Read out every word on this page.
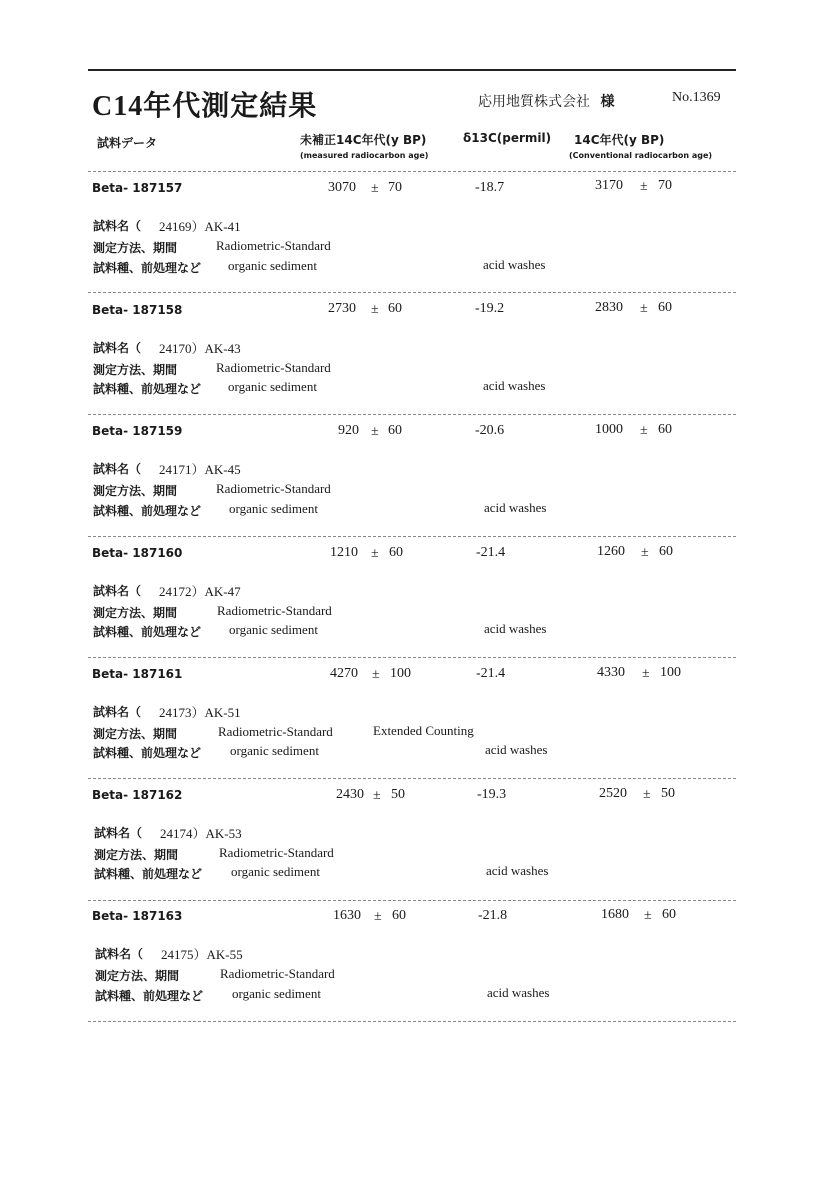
C14年代測定結果	応用地質株式会社 様	No.1369
試料データ	未補正14C年代(y BP)
(measured radiocarbon age)
δ13C(permil) 14C年代(y BP)
(Conventional radiocarbon age)
Beta- 187157	3070 ± 70	-18.7	3170 ± 70
試料名（ 24169）AK-41
測定方法、期間	Radiometric-Standard
試料種、前処理など organic sediment	acid washes
Beta- 187158	2730 ± 60	-19.2	2830 ± 60
試料名（ 24170）AK-43
測定方法、期間	Radiometric-Standard
試料種、前処理など organic sediment	acid washes
Beta- 187159	920 ± 60	-20.6	1000 ± 60
試料名（ 24171）AK-45
測定方法、期間	Radiometric-Standard
試料種、前処理など organic sediment	acid washes
Beta- 187160	1210 ± 60	-21.4	1260 ± 60
試料名（ 24172）AK-47
測定方法、期間	Radiometric-Standard
試料種、前処理など organic sediment	acid washes
Beta- 187161	4270 ± 100	-21.4	4330 ± 100
試料名（ 24173）AK-51
測定方法、期間	Radiometric-Standard	Extended Counting
試料種、前処理など organic sediment	acid washes
Beta- 187162	2430 ± 50	-19.3	2520 ± 50
試料名（ 24174）AK-53
測定方法、期間	Radiometric-Standard
試料種、前処理など organic sediment	acid washes
Beta- 187163	1630 ± 60	-21.8	1680 ± 60
試料名（ 24175）AK-55
測定方法、期間	Radiometric-Standard
試料種、前処理など organic sediment	acid washes
